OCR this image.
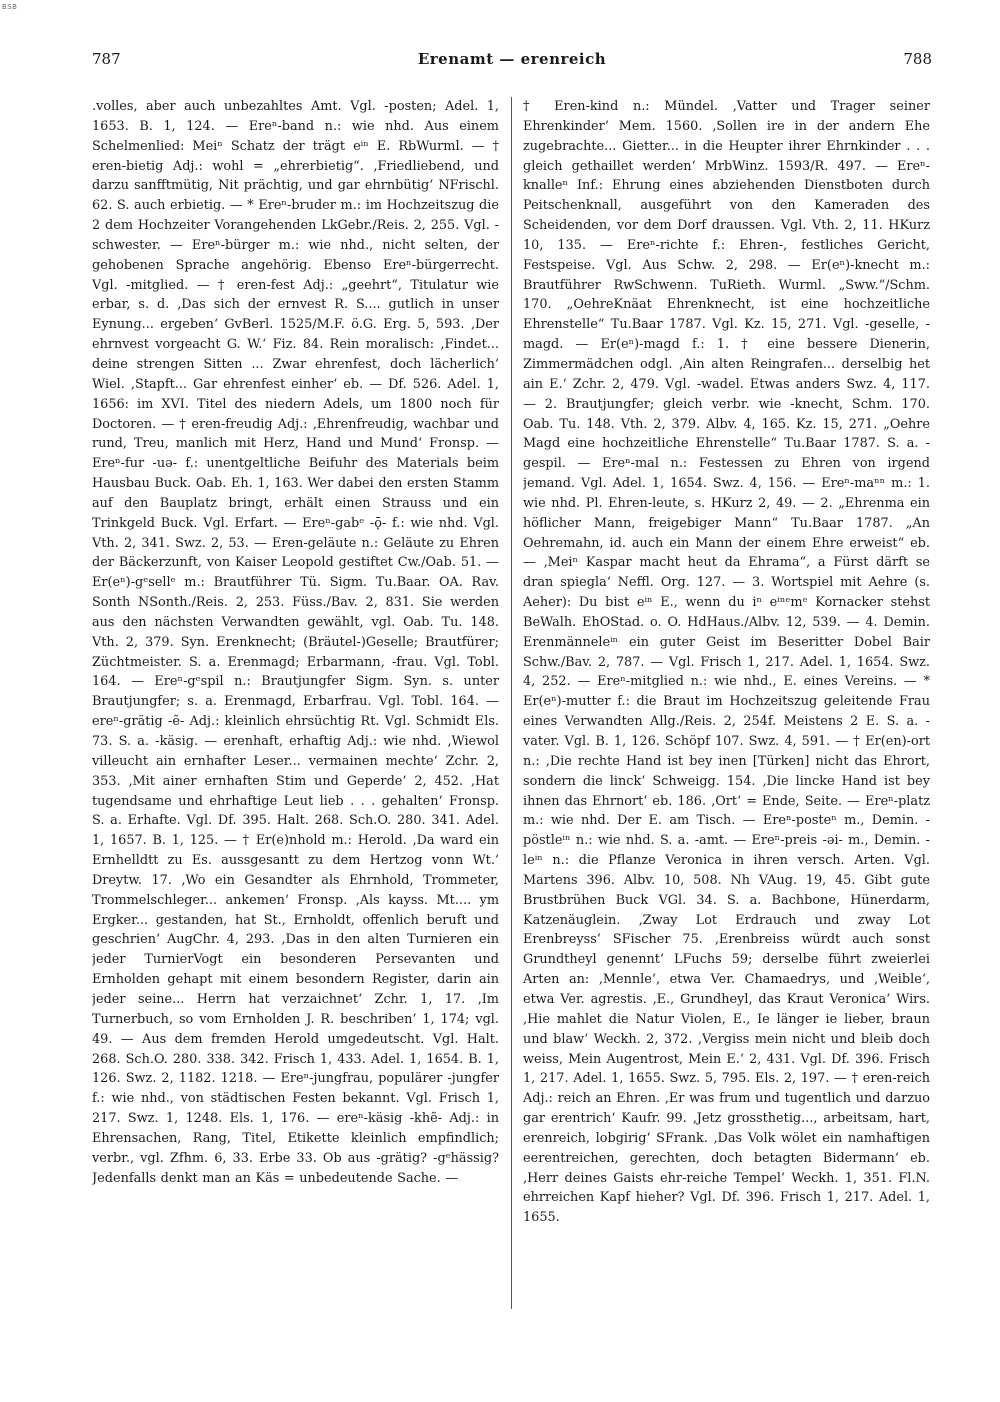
BSB
787	Erenamt — erenreich	788

.volles, aber auch unbezahltes Amt. Vgl. -posten; Adel. 1, 1653. B. 1, 124. — Ereⁿ-band n.: wie nhd. Aus einem Schelmenlied: Meiⁿ Schatz der trägt eⁱⁿ E. RbWurml. — † eren-bietig Adj.: wohl = „ehrerbietig“. ‚Friedliebend, und darzu sanfftmütig, Nit prächtig, und gar ehrnbütig‘ NFrischl. 62. S. auch erbietig. — * Ereⁿ-bruder m.: im Hochzeitszug die 2 dem Hochzeiter Vorangehenden LkGebr./Reis. 2, 255. Vgl. -schwester. — Ereⁿ-bürger m.: wie nhd., nicht selten, der gehobenen Sprache angehörig. Ebenso Ereⁿ-bürgerrecht. Vgl. -mitglied. — † eren-fest Adj.: „geehrt“, Titulatur wie erbar, s. d. ‚Das sich der ernvest R. S.... gutlich in unser Eynung... ergeben‘ GvBerl. 1525/M.F. ö.G. Erg. 5, 593. ‚Der ehrnvest vorgeacht G. W.‘ Fiz. 84. Rein moralisch: ‚Findet... deine strengen Sitten ... Zwar ehrenfest, doch lächerlich‘ Wiel. ‚Stapft... Gar ehrenfest einher‘ eb. — Df. 526. Adel. 1, 1656: im XVI. Titel des niedern Adels, um 1800 noch für Doctoren. — † eren-freudig Adj.: ‚Ehrenfreudig, wachbar und rund, Treu, manlich mit Herz, Hand und Mund‘ Fronsp. — Ereⁿ-fur -uə- f.: unentgeltliche Beifuhr des Materials beim Hausbau Buck. Oab. Eh. 1, 163. Wer dabei den ersten Stamm auf den Bauplatz bringt, erhält einen Strauss und ein Trinkgeld Buck. Vgl. Erfart. — Ereⁿ-gabᵉ -ǭ- f.: wie nhd. Vgl. Vth. 2, 341. Swz. 2, 53. — Eren-geläute n.: Geläute zu Ehren der Bäckerzunft, von Kaiser Leopold gestiftet Cw./Oab. 51. — Er(eⁿ)-gᵉsellᵉ m.: Brautführer Tü. Sigm. Tu.Baar. OA. Rav. Sonth NSonth./Reis. 2, 253. Füss./Bav. 2, 831. Sie werden aus den nächsten Verwandten gewählt, vgl. Oab. Tu. 148. Vth. 2, 379. Syn. Erenknecht; (Bräutel-)Geselle; Brautfürer; Züchtmeister. S. a. Erenmagd; Erbarmann, -frau. Vgl. Tobl. 164. — Ereⁿ-gᵉspil n.: Brautjungfer Sigm. Syn. s. unter Brautjungfer; s. a. Erenmagd, Erbarfrau. Vgl. Tobl. 164. — ereⁿ-grätig -ẽ- Adj.: kleinlich ehrsüchtig Rt. Vgl. Schmidt Els. 73. S. a. -käsig. — erenhaft, erhaftig Adj.: wie nhd. ‚Wiewol villeucht ain ernhafter Leser... vermainen mechte‘ Zchr. 2, 353. ‚Mit ainer ernhaften Stim und Geperde‘ 2, 452. ‚Hat tugendsame und ehrhaftige Leut lieb . . . gehalten‘ Fronsp. S. a. Erhafte. Vgl. Df. 395. Halt. 268. Sch.O. 280. 341. Adel. 1, 1657. B. 1, 125. — † Er(e)nhold m.: Herold. ‚Da ward ein Ernhelldtt zu Es. aussgesantt zu dem Hertzog vonn Wt.‘ Dreytw. 17. ‚Wo ein Gesandter als Ehrnhold, Trommeter, Trommelschleger... ankemen‘ Fronsp. ‚Als kayss. Mt.... ym Ergker... gestanden, hat St., Ernholdt, offenlich beruft und geschrien‘ AugChr. 4, 293. ‚Das in den alten Turnieren ein jeder TurnierVogt ein besonderen Persevanten und Ernholden gehapt mit einem besondern Register, darin ain jeder seine... Herrn hat verzaichnet‘ Zchr. 1, 17. ‚Im Turnerbuch, so vom Ernholden J. R. beschriben‘ 1, 174; vgl. 49. — Aus dem fremden Herold umgedeutscht. Vgl. Halt. 268. Sch.O. 280. 338. 342. Frisch 1, 433. Adel. 1, 1654. B. 1, 126. Swz. 2, 1182. 1218. — Ereⁿ-jungfrau, populärer -jungfer f.: wie nhd., von städtischen Festen bekannt. Vgl. Frisch 1, 217. Swz. 1, 1248. Els. 1, 176. — ereⁿ-käsig -khẽ- Adj.: in Ehrensachen, Rang, Titel, Etikette kleinlich empfindlich; verbr., vgl. Zfhm. 6, 33. Erbe 33. Ob aus -grätig? -gᵉhässig? Jedenfalls denkt man an Käs = unbedeutende Sache. —

† Eren-kind n.: Mündel. ‚Vatter und Trager seiner Ehrenkinder‘ Mem. 1560. ‚Sollen ire in der andern Ehe zugebrachte... Gietter... in die Heupter ihrer Ehrnkinder . . . gleich gethaillet werden‘ MrbWinz. 1593/R. 497. — Ereⁿ-knalleⁿ Inf.: Ehrung eines abziehenden Dienstboten durch Peitschenknall, ausgeführt von den Kameraden des Scheidenden, vor dem Dorf draussen. Vgl. Vth. 2, 11. HKurz 10, 135. — Ereⁿ-richte f.: Ehren-, festliches Gericht, Festspeise. Vgl. Aus Schw. 2, 298. — Er(eⁿ)-knecht m.: Brautführer RwSchwenn. TuRieth. Wurml. „Sww.“/Schm. 170. „OehreKnäat Ehrenknecht, ist eine hochzeitliche Ehrenstelle“ Tu.Baar 1787. Vgl. Kz. 15, 271. Vgl. -geselle, -magd. — Er(eⁿ)-magd f.: 1. † eine bessere Dienerin, Zimmermädchen odgl. ‚Ain alten Reingrafen... derselbig het ain E.‘ Zchr. 2, 479. Vgl. -wadel. Etwas anders Swz. 4, 117. — 2. Brautjungfer; gleich verbr. wie -knecht, Schm. 170. Oab. Tu. 148. Vth. 2, 379. Albv. 4, 165. Kz. 15, 271. „Oehre Magd eine hochzeitliche Ehrenstelle“ Tu.Baar 1787. S. a. -gespil. — Ereⁿ-mal n.: Festessen zu Ehren von irgend jemand. Vgl. Adel. 1, 1654. Swz. 4, 156. — Ereⁿ-maⁿⁿ m.: 1. wie nhd. Pl. Ehren-leute, s. HKurz 2, 49. — 2. „Ehrenma ein höflicher Mann, freigebiger Mann“ Tu.Baar 1787. „An Oehremahn, id. auch ein Mann der einem Ehre erweist“ eb. — ‚Meiⁿ Kaspar macht heut da Ehrama“, a Fürst därft se dran spiegla‘ Neffl. Org. 127. — 3. Wortspiel mit Aehre (s. Aeher): Du bist eⁱⁿ E., wenn du iⁿ eⁱⁿᵉmᵉ Kornacker stehst BeWalh. EhOStad. o. O. HdHaus./Albv. 12, 539. — 4. Demin. Erenmänneleⁱⁿ ein guter Geist im Beseritter Dobel Bair Schw./Bav. 2, 787. — Vgl. Frisch 1, 217. Adel. 1, 1654. Swz. 4, 252. — Ereⁿ-mitglied n.: wie nhd., E. eines Vereins. — * Er(eⁿ)-mutter f.: die Braut im Hochzeitszug geleitende Frau eines Verwandten Allg./Reis. 2, 254f. Meistens 2 E. S. a. -vater. Vgl. B. 1, 126. Schöpf 107. Swz. 4, 591. — † Er(en)-ort n.: ‚Die rechte Hand ist bey inen [Türken] nicht das Ehrort, sondern die linck‘ Schweigg. 154. ‚Die lincke Hand ist bey ihnen das Ehrnort‘ eb. 186. ‚Ort‘ = Ende, Seite. — Ereⁿ-platz m.: wie nhd. Der E. am Tisch. — Ereⁿ-posteⁿ m., Demin. -pöstleⁱⁿ n.: wie nhd. S. a. -amt. — Ereⁿ-preis -əi- m., Demin. -leⁱⁿ n.: die Pflanze Veronica in ihren versch. Arten. Vgl. Martens 396. Albv. 10, 508. Nh VAug. 19, 45. Gibt gute Brustbrühen Buck VGl. 34. S. a. Bachbone, Hünerdarm, Katzenäuglein. ‚Zway Lot Erdrauch und zway Lot Erenbreyss‘ SFischer 75. ‚Erenbreiss würdt auch sonst Grundtheyl genennt‘ LFuchs 59; derselbe führt zweierlei Arten an: ‚Mennle‘, etwa Ver. Chamaedrys, und ‚Weible‘, etwa Ver. agrestis. ‚E., Grundheyl, das Kraut Veronica‘ Wirs. ‚Hie mahlet die Natur Violen, E., Ie länger ie lieber, braun und blaw‘ Weckh. 2, 372. ‚Vergiss mein nicht und bleib doch weiss, Mein Augentrost, Mein E.‘ 2, 431. Vgl. Df. 396. Frisch 1, 217. Adel. 1, 1655. Swz. 5, 795. Els. 2, 197. — † eren-reich Adj.: reich an Ehren. ‚Er was frum und tugentlich und darzuo gar erentrich‘ Kaufr. 99. ‚Jetz grossthetig..., arbeitsam, hart, erenreich, lobgirig‘ SFrank. ‚Das Volk wölet ein namhaftigen eerentreichen, gerechten, doch betagten Bidermann‘ eb. ‚Herr deines Gaists ehr-reiche Tempel‘ Weckh. 1, 351. Fl.N. ehrreichen Kapf hieher? Vgl. Df. 396. Frisch 1, 217. Adel. 1, 1655.
